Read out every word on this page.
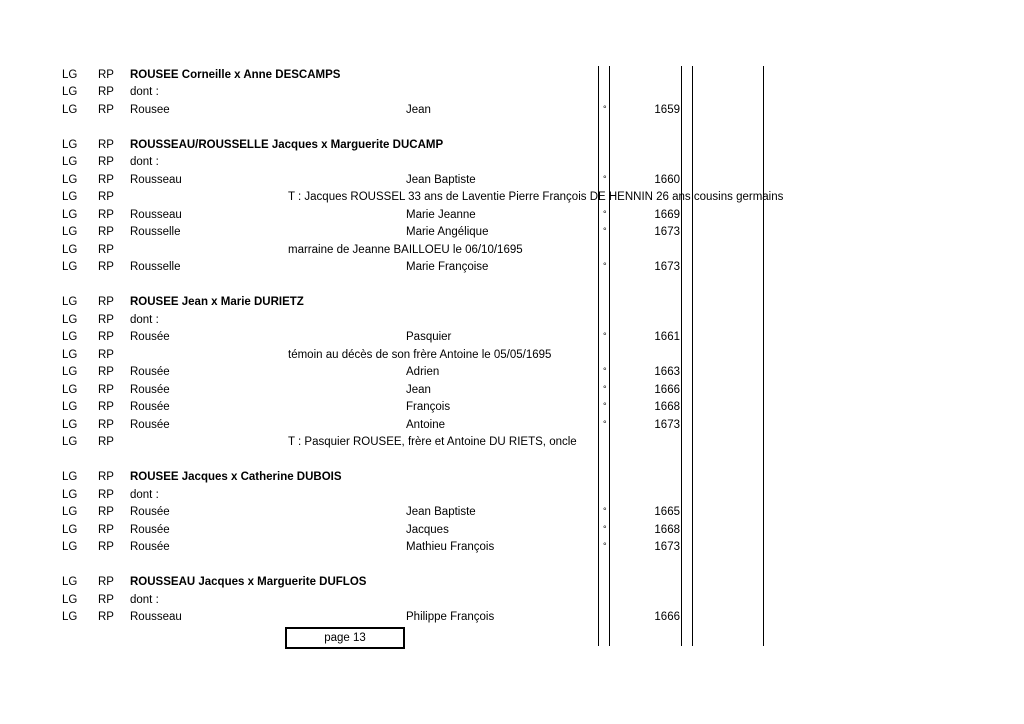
LG RP ROUSEE Corneille x Anne DESCAMPS
LG RP dont :
LG RP Rousee	Jean	°	1659
LG RP ROUSSEAU/ROUSSELLE Jacques x Marguerite DUCAMP
LG RP dont :
LG RP Rousseau	Jean Baptiste	°	1660
LG RP	T : Jacques ROUSSEL 33 ans de Laventie Pierre François DE HENNIN 26 ans cousins germains
LG RP Rousseau	Marie Jeanne	°	1669
LG RP Rousselle	Marie Angélique	°	1673
LG RP	marraine de Jeanne BAILLOEU le 06/10/1695
LG RP Rousselle	Marie Françoise	°	1673
LG RP ROUSEE Jean x Marie DURIETZ
LG RP dont :
LG RP Rousée	Pasquier	°	1661
LG RP	témoin au décès de son frère Antoine le 05/05/1695
LG RP Rousée	Adrien	°	1663
LG RP Rousée	Jean	°	1666
LG RP Rousée	François	°	1668
LG RP Rousée	Antoine	°	1673
LG RP	T : Pasquier ROUSEE, frère et Antoine DU RIETS, oncle
LG RP ROUSEE Jacques x Catherine DUBOIS
LG RP dont :
LG RP Rousée	Jean Baptiste	°	1665
LG RP Rousée	Jacques	°	1668
LG RP Rousée	Mathieu François	°	1673
LG RP ROUSSEAU Jacques x Marguerite DUFLOS
LG RP dont :
LG RP Rousseau	Philippe François	1666
page 13
